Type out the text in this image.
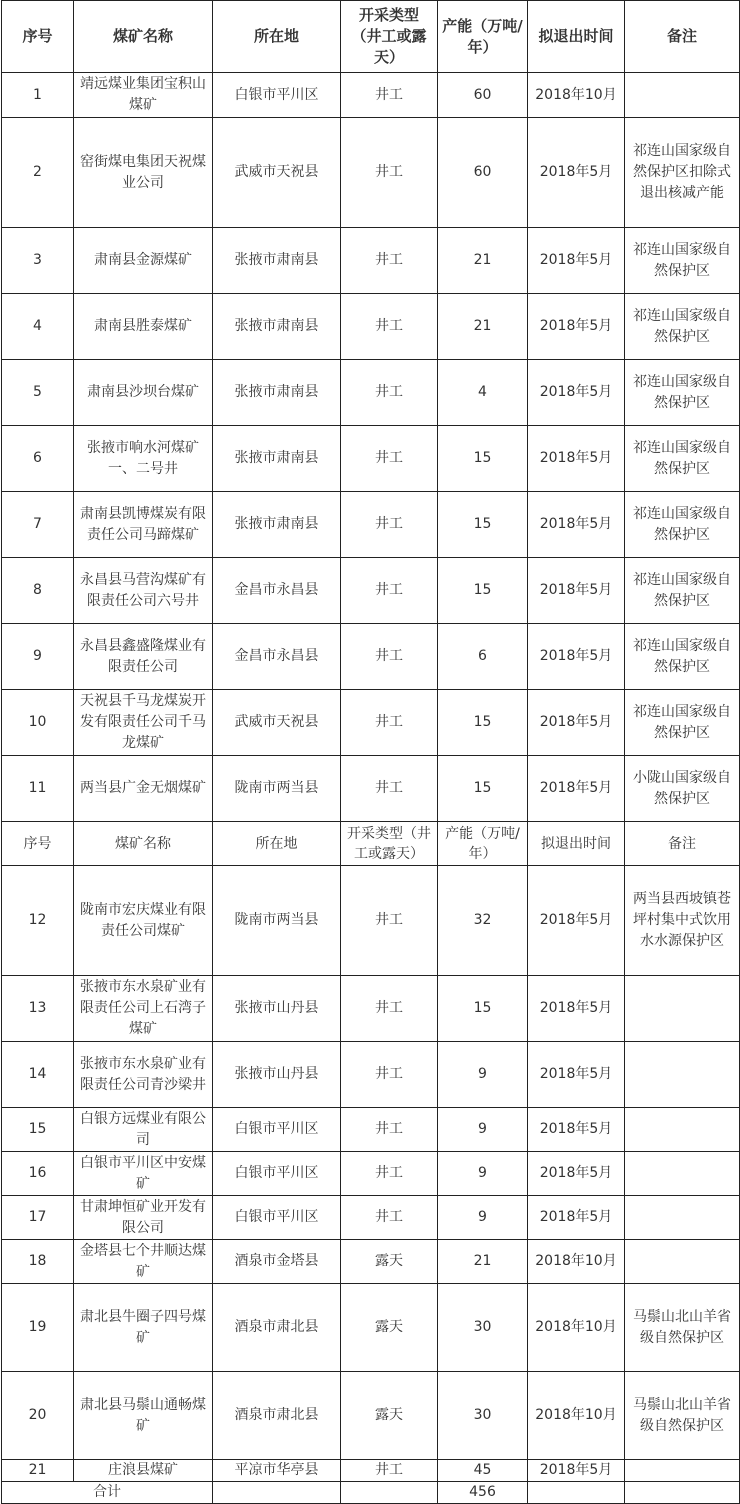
序号	煤矿名称	所在地	开采类型（井工或露天）	产能（万吨/年）	拟退出时间	备注
1	靖远煤业集团宝积山煤矿	白银市平川区	井工	60	2018年10月	
2	窑街煤电集团天祝煤业公司	武威市天祝县	井工	60	2018年5月	祁连山国家级自然保护区扣除式退出核减产能
3	肃南县金源煤矿	张掖市肃南县	井工	21	2018年5月	祁连山国家级自然保护区
4	肃南县胜泰煤矿	张掖市肃南县	井工	21	2018年5月	祁连山国家级自然保护区
5	肃南县沙坝台煤矿	张掖市肃南县	井工	4	2018年5月	祁连山国家级自然保护区
6	张掖市响水河煤矿一、二号井	张掖市肃南县	井工	15	2018年5月	祁连山国家级自然保护区
7	肃南县凯博煤炭有限责任公司马蹄煤矿	张掖市肃南县	井工	15	2018年5月	祁连山国家级自然保护区
8	永昌县马营沟煤矿有限责任公司六号井	金昌市永昌县	井工	15	2018年5月	祁连山国家级自然保护区
9	永昌县鑫盛隆煤业有限责任公司	金昌市永昌县	井工	6	2018年5月	祁连山国家级自然保护区
10	天祝县千马龙煤炭开发有限责任公司千马龙煤矿	武威市天祝县	井工	15	2018年5月	祁连山国家级自然保护区
11	两当县广金无烟煤矿	陇南市两当县	井工	15	2018年5月	小陇山国家级自然保护区
序号	煤矿名称	所在地	开采类型（井工或露天）	产能（万吨/年）	拟退出时间	备注
12	陇南市宏庆煤业有限责任公司煤矿	陇南市两当县	井工	32	2018年5月	两当县西坡镇苍坪村集中式饮用水水源保护区
13	张掖市东水泉矿业有限责任公司上石湾子煤矿	张掖市山丹县	井工	15	2018年5月	
14	张掖市东水泉矿业有限责任公司青沙梁井	张掖市山丹县	井工	9	2018年5月	
15	白银方远煤业有限公司	白银市平川区	井工	9	2018年5月	
16	白银市平川区中安煤矿	白银市平川区	井工	9	2018年5月	
17	甘肃坤恒矿业开发有限公司	白银市平川区	井工	9	2018年5月	
18	金塔县七个井顺达煤矿	酒泉市金塔县	露天	21	2018年10月	
19	肃北县牛圈子四号煤矿	酒泉市肃北县	露天	30	2018年10月	马鬃山北山羊省级自然保护区
20	肃北县马鬃山通畅煤矿	酒泉市肃北县	露天	30	2018年10月	马鬃山北山羊省级自然保护区
21	庄浪县煤矿	平凉市华亭县	井工	45	2018年5月	
合计				456		
